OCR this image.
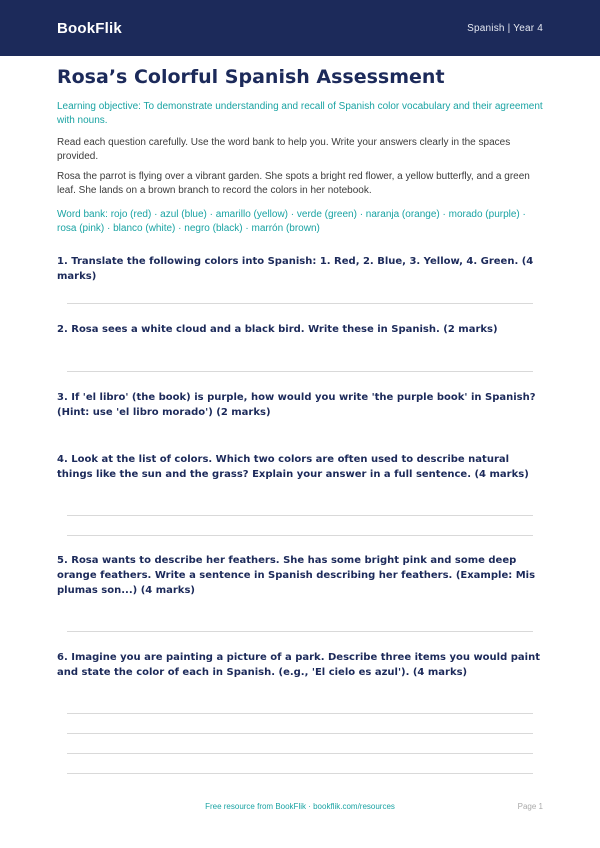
BookFlik	Spanish | Year 4
Rosa’s Colorful Spanish Assessment
Learning objective: To demonstrate understanding and recall of Spanish color vocabulary and their agreement with nouns.
Read each question carefully. Use the word bank to help you. Write your answers clearly in the spaces provided.
Rosa the parrot is flying over a vibrant garden. She spots a bright red flower, a yellow butterfly, and a green leaf. She lands on a brown branch to record the colors in her notebook.
Word bank: rojo (red) · azul (blue) · amarillo (yellow) · verde (green) · naranja (orange) · morado (purple) · rosa (pink) · blanco (white) · negro (black) · marrón (brown)
1. Translate the following colors into Spanish: 1. Red, 2. Blue, 3. Yellow, 4. Green. (4 marks)
2. Rosa sees a white cloud and a black bird. Write these in Spanish. (2 marks)
3. If 'el libro' (the book) is purple, how would you write 'the purple book' in Spanish? (Hint: use 'el libro morado') (2 marks)
4. Look at the list of colors. Which two colors are often used to describe natural things like the sun and the grass? Explain your answer in a full sentence. (4 marks)
5. Rosa wants to describe her feathers. She has some bright pink and some deep orange feathers. Write a sentence in Spanish describing her feathers. (Example: Mis plumas son...) (4 marks)
6. Imagine you are painting a picture of a park. Describe three items you would paint and state the color of each in Spanish. (e.g., 'El cielo es azul'). (4 marks)
Free resource from BookFlik · bookflik.com/resources	Page 1
